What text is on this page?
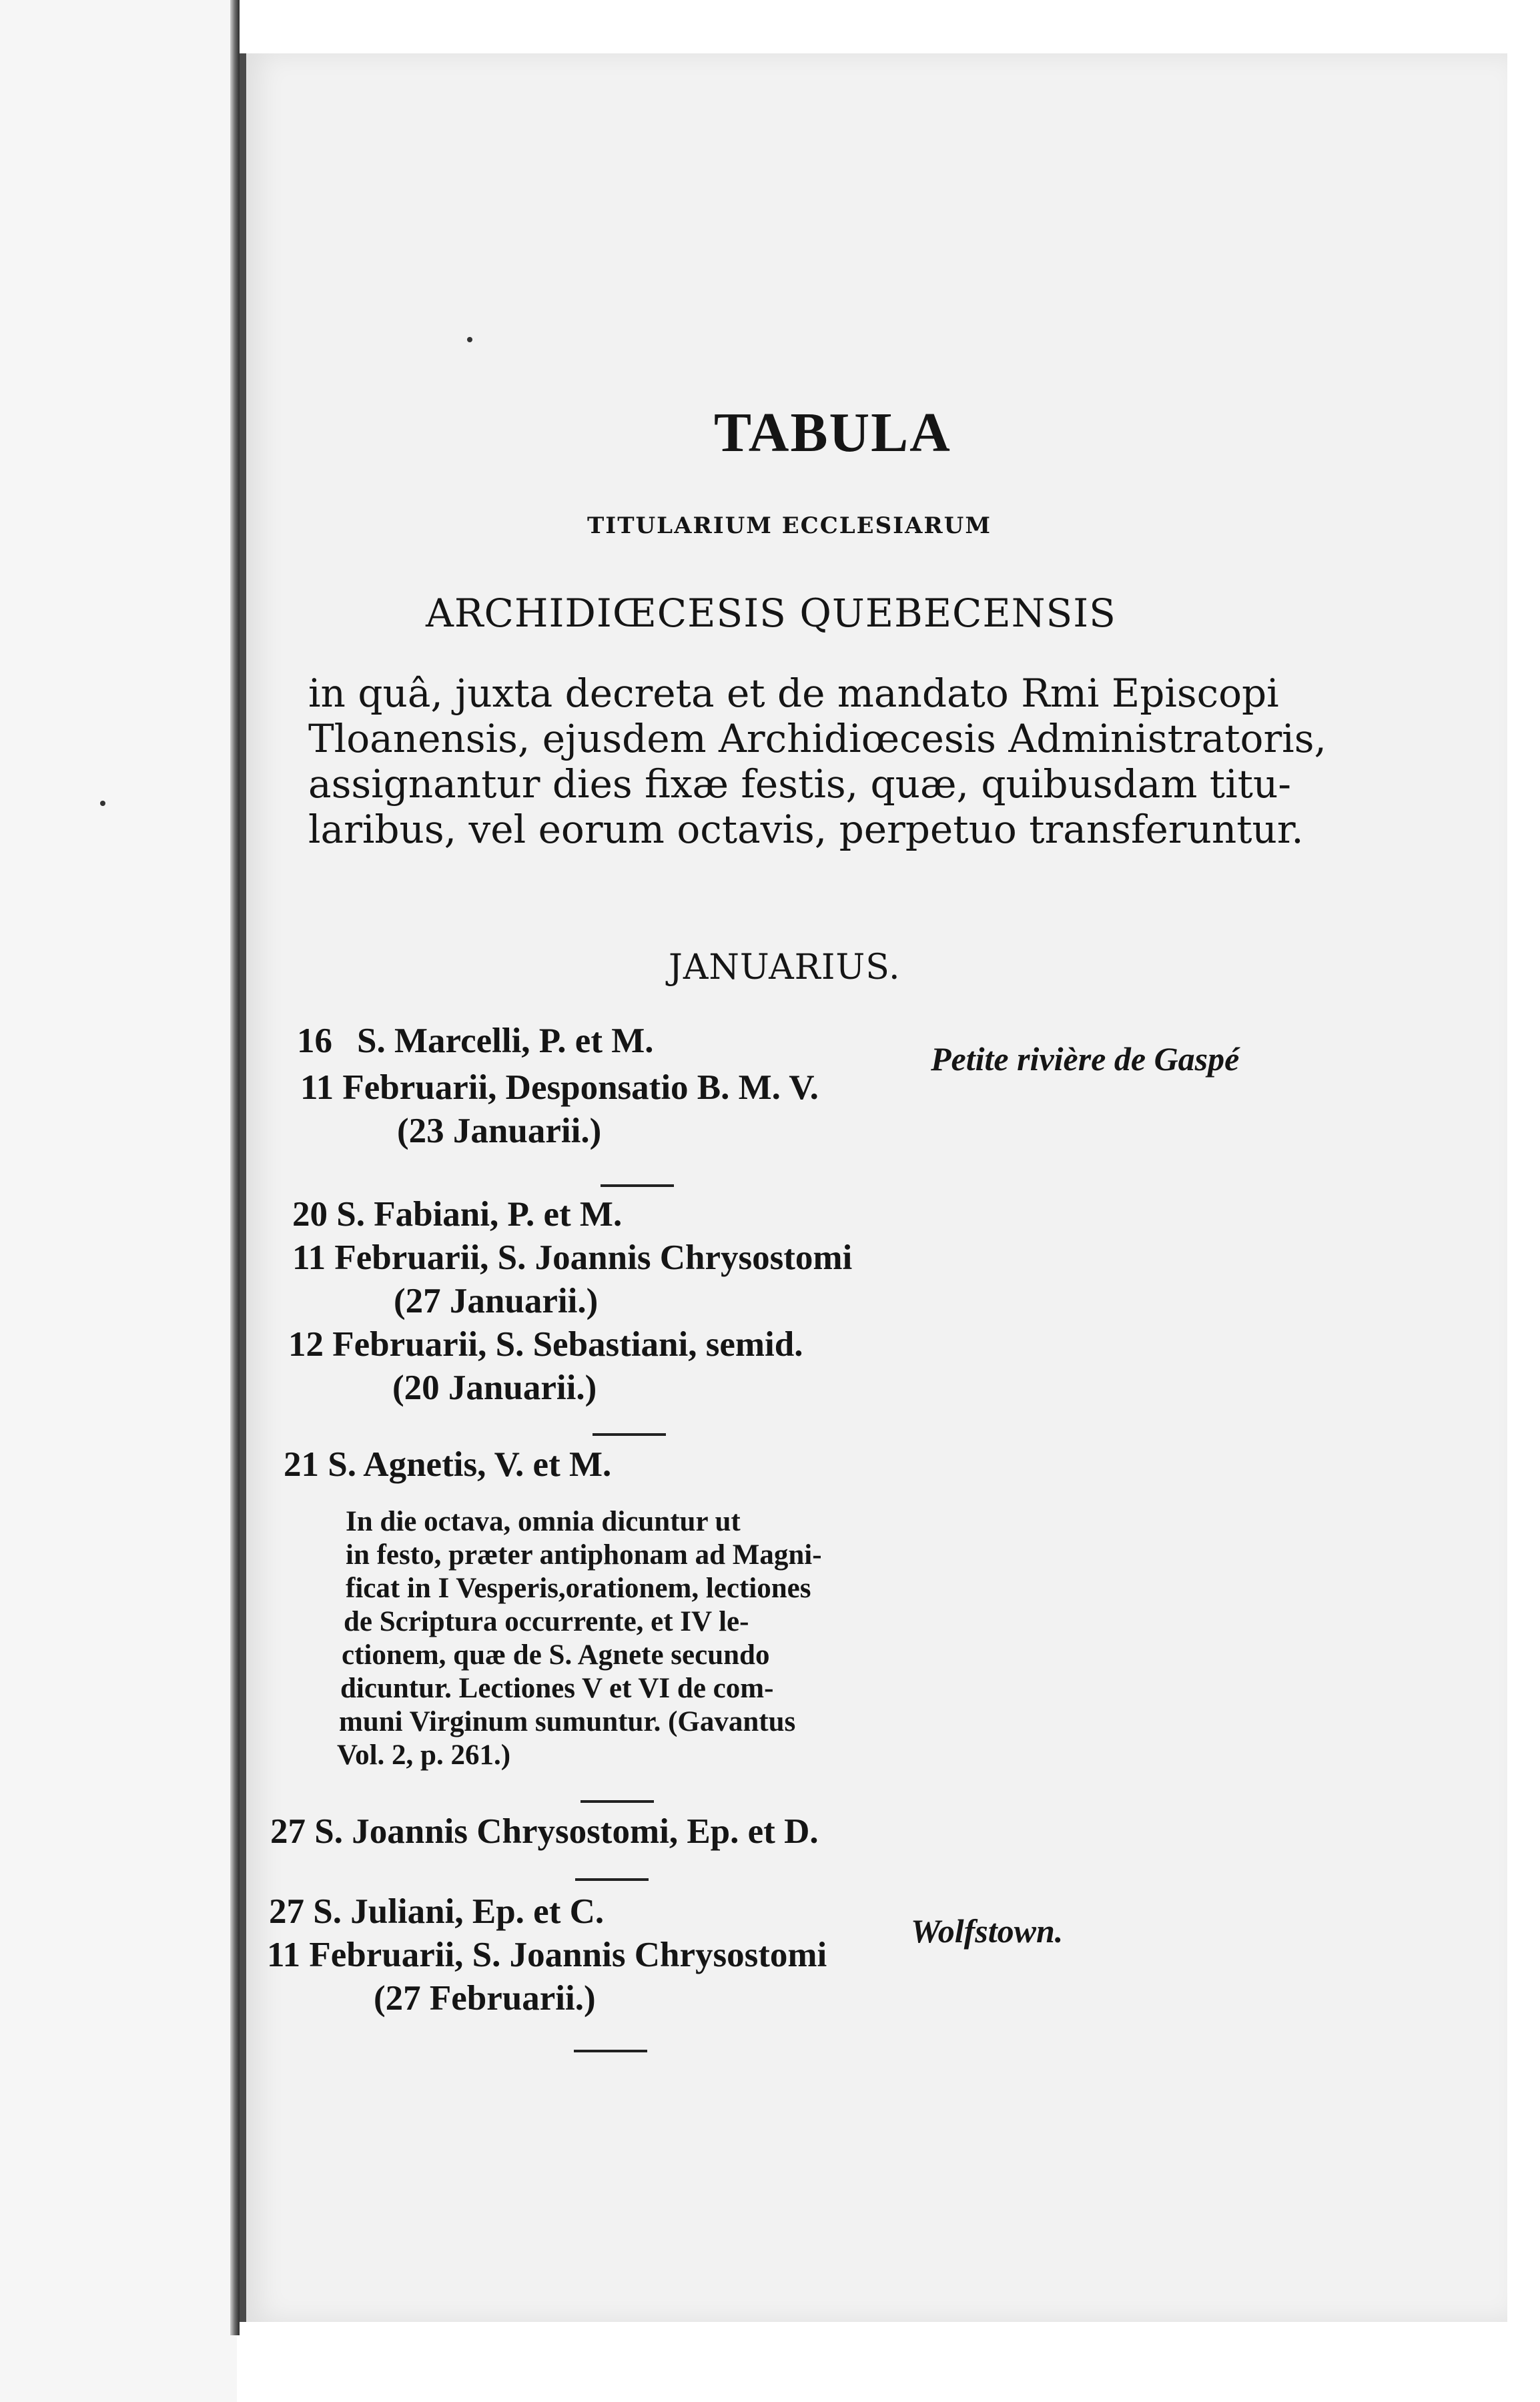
TABULA
TITULARIUM ECCLESIARUM
ARCHIDIŒCESIS QUEBECENSIS
in quâ, juxta decreta et de mandato Rmi Episcopi
Tloanensis, ejusdem Archidiœcesis Administratoris,
assignantur dies fixæ festis, quæ, quibusdam titu-
laribus, vel eorum octavis, perpetuo transferuntur.
JANUARIUS.
16 S. Marcelli, P. et M.	Petite rivière de Gaspé
11 Februarii, Desponsatio B. M. V.
(23 Januarii.)
20 S. Fabiani, P. et M.
11 Februarii, S. Joannis Chrysostomi
(27 Januarii.)
12 Februarii, S. Sebastiani, semid.
(20 Januarii.)
21 S. Agnetis, V. et M.
In die octava, omnia dicuntur ut
in festo, præter antiphonam ad Magni-
ficat in I Vesperis,orationem, lectiones
de Scriptura occurrente, et IV le-
ctionem, quæ de S. Agnete secundo
dicuntur. Lectiones V et VI de com-
muni Virginum sumuntur. (Gavantus
Vol. 2, p. 261.)
27 S. Joannis Chrysostomi, Ep. et D.
27 S. Juliani, Ep. et C.	Wolfstown.
11 Februarii, S. Joannis Chrysostomi
(27 Februarii.)
